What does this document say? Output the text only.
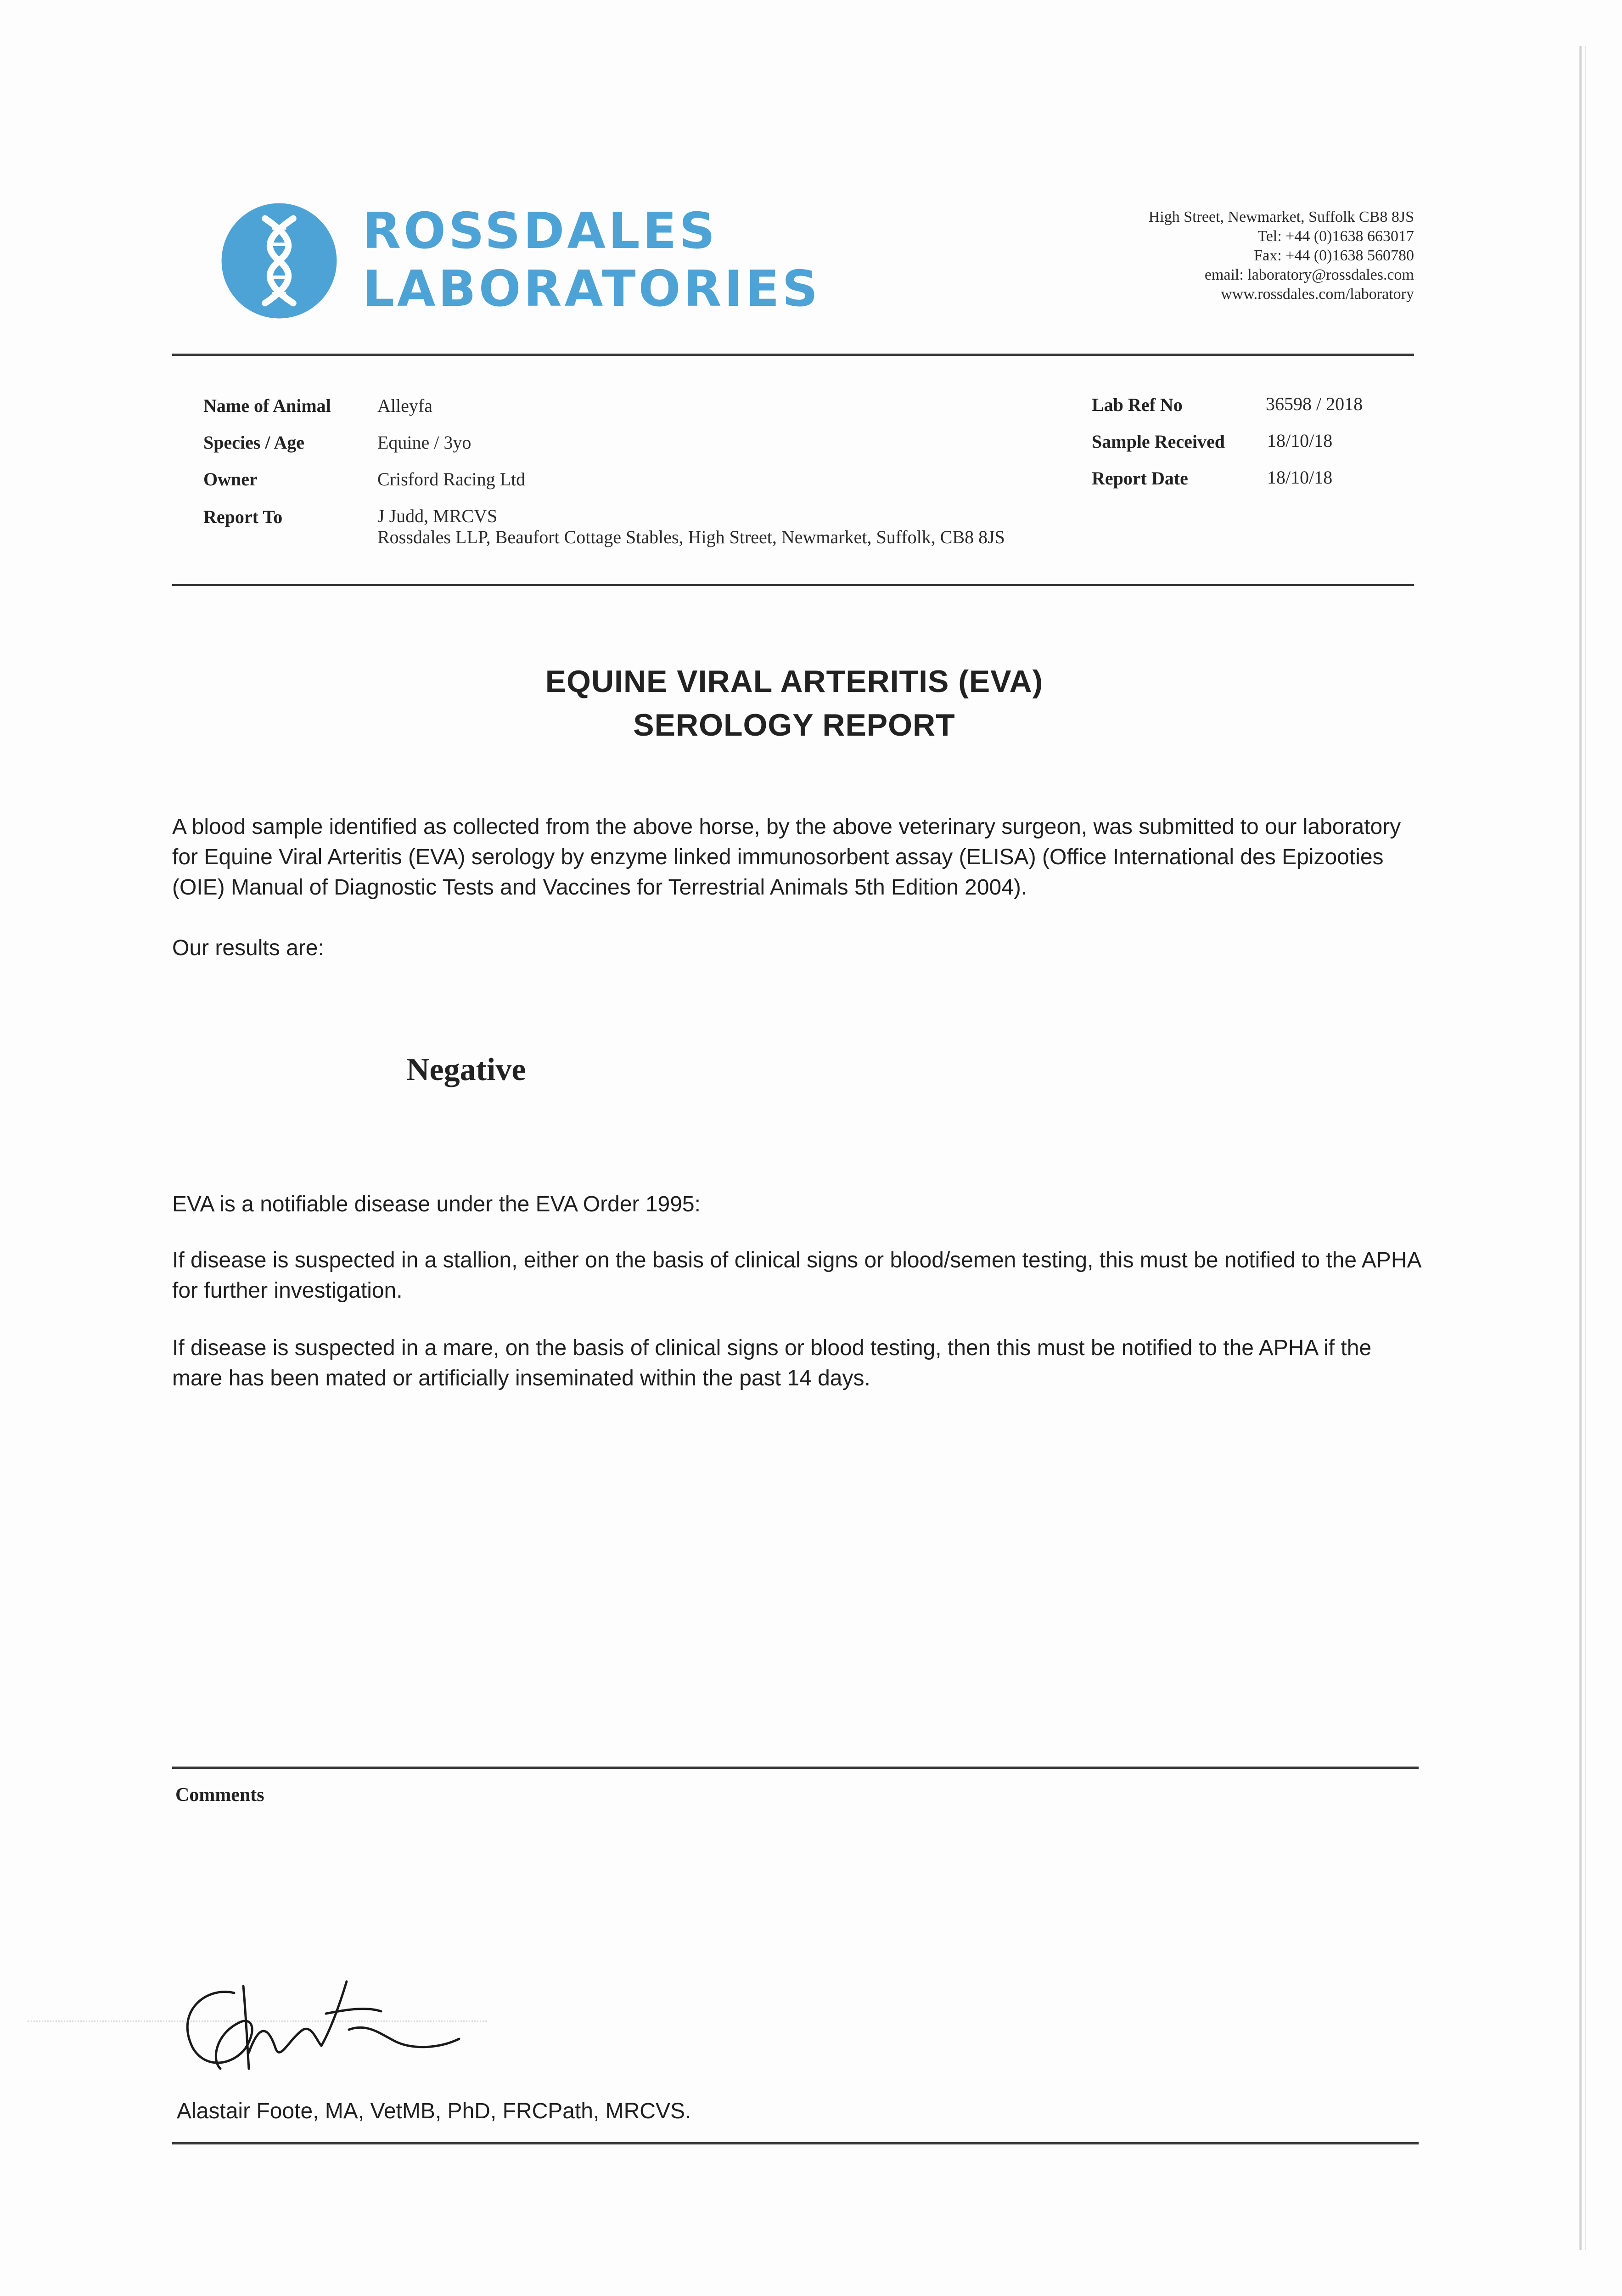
ROSSDALES
LABORATORIES
High Street, Newmarket, Suffolk CB8 8JS
Tel: +44 (0)1638 663017
Fax: +44 (0)1638 560780
email: laboratory@rossdales.com
www.rossdales.com/laboratory
Name of Animal	Alleyfa
Species / Age	Equine / 3yo
Owner	Crisford Racing Ltd
Report To	J Judd, MRCVS
Rossdales LLP, Beaufort Cottage Stables, High Street, Newmarket, Suffolk, CB8 8JS
Lab Ref No	36598 / 2018
Sample Received 18/10/18
Report Date	18/10/18
EQUINE VIRAL ARTERITIS (EVA)
SEROLOGY REPORT
A blood sample identified as collected from the above horse, by the above veterinary surgeon, was submitted to our laboratory for Equine Viral Arteritis (EVA) serology by enzyme linked immunosorbent assay (ELISA) (Office International des Epizooties (OIE) Manual of Diagnostic Tests and Vaccines for Terrestrial Animals 5th Edition 2004).
Our results are:
Negative
EVA is a notifiable disease under the EVA Order 1995:
If disease is suspected in a stallion, either on the basis of clinical signs or blood/semen testing, this must be notified to the APHA for further investigation.
If disease is suspected in a mare, on the basis of clinical signs or blood testing, then this must be notified to the APHA if the mare has been mated or artificially inseminated within the past 14 days.
Comments
Alastair Foote, MA, VetMB, PhD, FRCPath, MRCVS.
